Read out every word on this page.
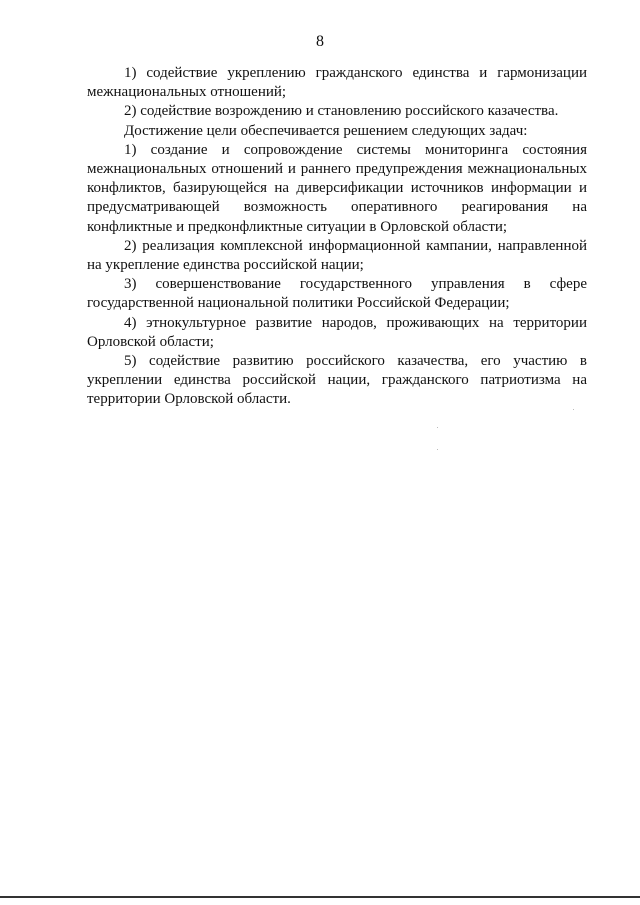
8

1) содействие укреплению гражданского единства и гармонизации межнациональных отношений;

2) содействие возрождению и становлению российского казачества.

Достижение цели обеспечивается решением следующих задач:

1) создание и сопровождение системы мониторинга состояния межнациональных отношений и раннего предупреждения межнациональных конфликтов, базирующейся на диверсификации источников информации и предусматривающей возможность оперативного реагирования на конфликтные и предконфликтные ситуации в Орловской области;

2) реализация комплексной информационной кампании, направленной на укрепление единства российской нации;

3) совершенствование государственного управления в сфере государственной национальной политики Российской Федерации;

4) этнокультурное развитие народов, проживающих на территории Орловской области;

5) содействие развитию российского казачества, его участию в укреплении единства российской нации, гражданского патриотизма на территории Орловской области.
